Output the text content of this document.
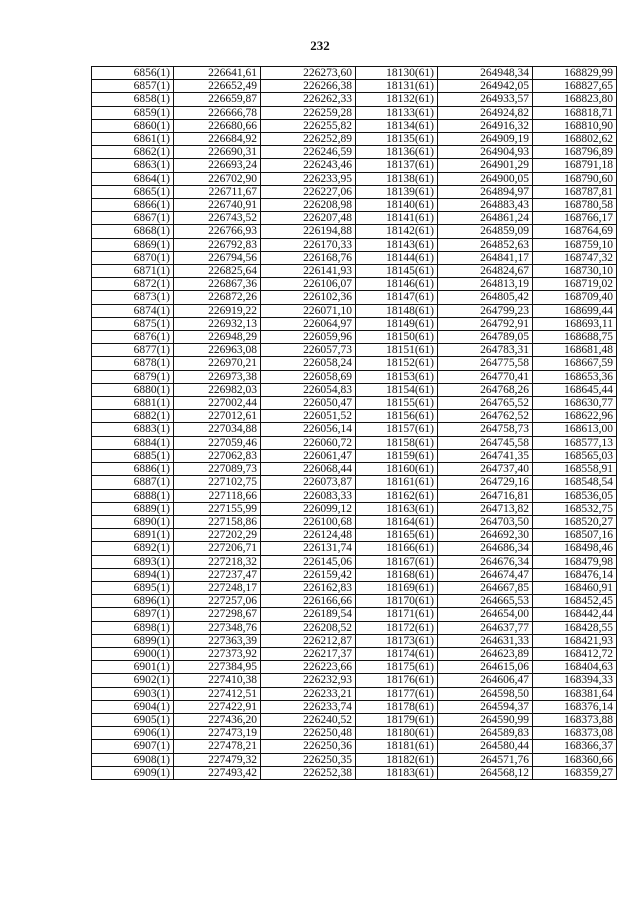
232
6856(1)	226641,61	226273,60	18130(61)	264948,34	168829,99
6857(1)	226652,49	226266,38	18131(61)	264942,05	168827,65
6858(1)	226659,87	226262,33	18132(61)	264933,57	168823,80
6859(1)	226666,78	226259,28	18133(61)	264924,82	168818,71
6860(1)	226680,66	226255,82	18134(61)	264916,32	168810,90
6861(1)	226684,92	226252,89	18135(61)	264909,19	168802,62
6862(1)	226690,31	226246,59	18136(61)	264904,93	168796,89
6863(1)	226693,24	226243,46	18137(61)	264901,29	168791,18
6864(1)	226702,90	226233,95	18138(61)	264900,05	168790,60
6865(1)	226711,67	226227,06	18139(61)	264894,97	168787,81
6866(1)	226740,91	226208,98	18140(61)	264883,43	168780,58
6867(1)	226743,52	226207,48	18141(61)	264861,24	168766,17
6868(1)	226766,93	226194,88	18142(61)	264859,09	168764,69
6869(1)	226792,83	226170,33	18143(61)	264852,63	168759,10
6870(1)	226794,56	226168,76	18144(61)	264841,17	168747,32
6871(1)	226825,64	226141,93	18145(61)	264824,67	168730,10
6872(1)	226867,36	226106,07	18146(61)	264813,19	168719,02
6873(1)	226872,26	226102,36	18147(61)	264805,42	168709,40
6874(1)	226919,22	226071,10	18148(61)	264799,23	168699,44
6875(1)	226932,13	226064,97	18149(61)	264792,91	168693,11
6876(1)	226948,29	226059,96	18150(61)	264789,05	168688,75
6877(1)	226963,08	226057,73	18151(61)	264783,31	168681,48
6878(1)	226970,21	226058,24	18152(61)	264775,58	168667,59
6879(1)	226973,38	226058,69	18153(61)	264770,41	168653,36
6880(1)	226982,03	226054,83	18154(61)	264768,26	168645,44
6881(1)	227002,44	226050,47	18155(61)	264765,52	168630,77
6882(1)	227012,61	226051,52	18156(61)	264762,52	168622,96
6883(1)	227034,88	226056,14	18157(61)	264758,73	168613,00
6884(1)	227059,46	226060,72	18158(61)	264745,58	168577,13
6885(1)	227062,83	226061,47	18159(61)	264741,35	168565,03
6886(1)	227089,73	226068,44	18160(61)	264737,40	168558,91
6887(1)	227102,75	226073,87	18161(61)	264729,16	168548,54
6888(1)	227118,66	226083,33	18162(61)	264716,81	168536,05
6889(1)	227155,99	226099,12	18163(61)	264713,82	168532,75
6890(1)	227158,86	226100,68	18164(61)	264703,50	168520,27
6891(1)	227202,29	226124,48	18165(61)	264692,30	168507,16
6892(1)	227206,71	226131,74	18166(61)	264686,34	168498,46
6893(1)	227218,32	226145,06	18167(61)	264676,34	168479,98
6894(1)	227237,47	226159,42	18168(61)	264674,47	168476,14
6895(1)	227248,17	226162,83	18169(61)	264667,85	168460,91
6896(1)	227257,06	226166,66	18170(61)	264665,53	168452,45
6897(1)	227298,67	226189,54	18171(61)	264654,00	168442,44
6898(1)	227348,76	226208,52	18172(61)	264637,77	168428,55
6899(1)	227363,39	226212,87	18173(61)	264631,33	168421,93
6900(1)	227373,92	226217,37	18174(61)	264623,89	168412,72
6901(1)	227384,95	226223,66	18175(61)	264615,06	168404,63
6902(1)	227410,38	226232,93	18176(61)	264606,47	168394,33
6903(1)	227412,51	226233,21	18177(61)	264598,50	168381,64
6904(1)	227422,91	226233,74	18178(61)	264594,37	168376,14
6905(1)	227436,20	226240,52	18179(61)	264590,99	168373,88
6906(1)	227473,19	226250,48	18180(61)	264589,83	168373,08
6907(1)	227478,21	226250,36	18181(61)	264580,44	168366,37
6908(1)	227479,32	226250,35	18182(61)	264571,76	168360,66
6909(1)	227493,42	226252,38	18183(61)	264568,12	168359,27
